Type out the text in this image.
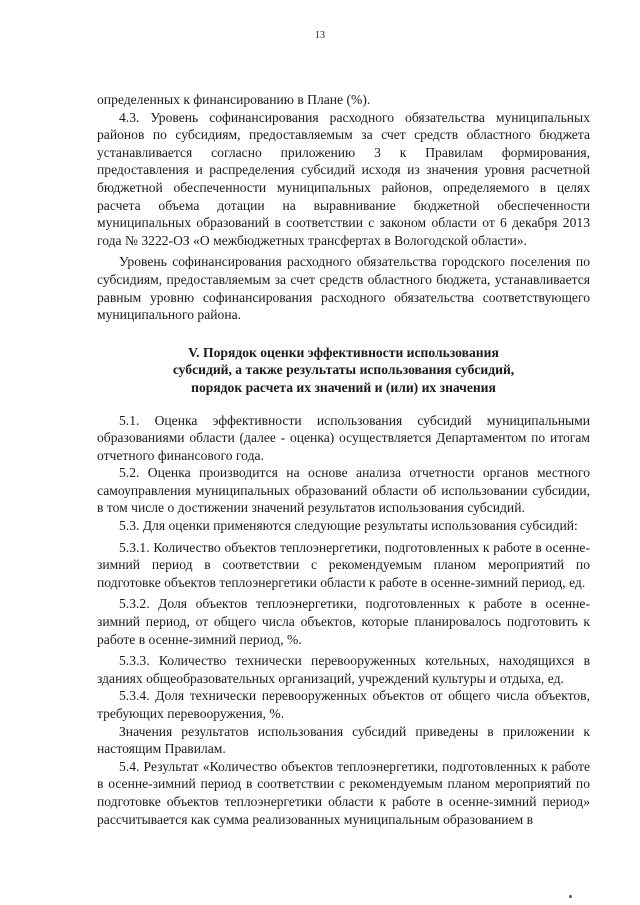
13

определенных к финансированию в Плане (%).

4.3. Уровень софинансирования расходного обязательства муниципальных районов по субсидиям, предоставляемым за счет средств областного бюджета устанавливается согласно приложению 3 к Правилам формирования, предоставления и распределения субсидий исходя из значения уровня расчетной бюджетной обеспеченности муниципальных районов, определяемого в целях расчета объема дотации на выравнивание бюджетной обеспеченности муниципальных образований в соответствии с законом области от 6 декабря 2013 года № 3222-ОЗ «О межбюджетных трансфертах в Вологодской области».

Уровень софинансирования расходного обязательства городского поселения по субсидиям, предоставляемым за счет средств областного бюджета, устанавливается равным уровню софинансирования расходного обязательства соответствующего муниципального района.

V. Порядок оценки эффективности использования
субсидий, а также результаты использования субсидий,
порядок расчета их значений и (или) их значения

5.1. Оценка эффективности использования субсидий муниципальными образованиями области (далее - оценка) осуществляется Департаментом по итогам отчетного финансового года.

5.2. Оценка производится на основе анализа отчетности органов местного самоуправления муниципальных образований области об использовании субсидии, в том числе о достижении значений результатов использования субсидий.

5.3. Для оценки применяются следующие результаты использования субсидий:

5.3.1. Количество объектов теплоэнергетики, подготовленных к работе в осенне-зимний период в соответствии с рекомендуемым планом мероприятий по подготовке объектов теплоэнергетики области к работе в осенне-зимний период, ед.

5.3.2. Доля объектов теплоэнергетики, подготовленных к работе в осенне-зимний период, от общего числа объектов, которые планировалось подготовить к работе в осенне-зимний период, %.

5.3.3. Количество технически перевооруженных котельных, находящихся в зданиях общеобразовательных организаций, учреждений культуры и отдыха, ед.

5.3.4. Доля технически перевооруженных объектов от общего числа объектов, требующих перевооружения, %.

Значения результатов использования субсидий приведены в приложении к настоящим Правилам.

5.4. Результат «Количество объектов теплоэнергетики, подготовленных к работе в осенне-зимний период в соответствии с рекомендуемым планом мероприятий по подготовке объектов теплоэнергетики области к работе в осенне-зимний период» рассчитывается как сумма реализованных муниципальным образованием в
